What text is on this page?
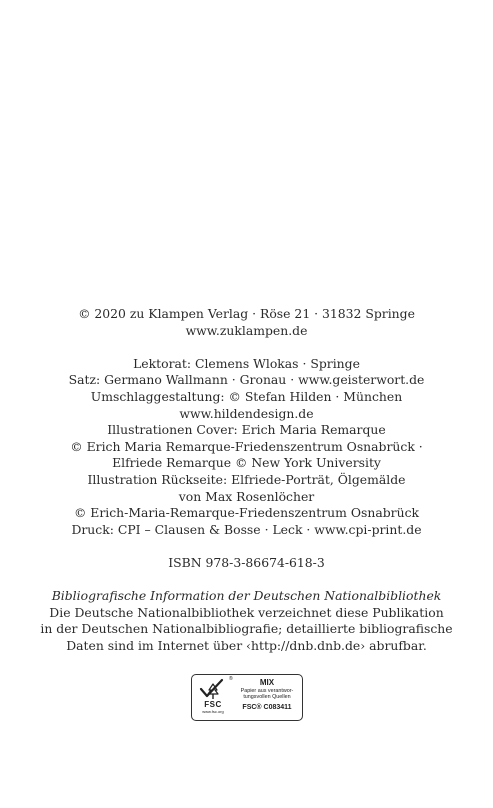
© 2020 zu Klampen Verlag · Röse 21 · 31832 Springe
www.zuklampen.de
Lektorat: Clemens Wlokas · Springe
Satz: Germano Wallmann · Gronau · www.geisterwort.de
Umschlaggestaltung: © Stefan Hilden · München
www.hildendesign.de
Illustrationen Cover: Erich Maria Remarque
© Erich Maria Remarque-Friedenszentrum Osnabrück ·
Elfriede Remarque © New York University
Illustration Rückseite: Elfriede-Porträt, Ölgemälde
von Max Rosenlöcher
© Erich-Maria-Remarque-Friedenszentrum Osnabrück
Druck: CPI – Clausen & Bosse · Leck · www.cpi-print.de
ISBN 978-3-86674-618-3
Bibliografische Information der Deutschen Nationalbibliothek
Die Deutsche Nationalbibliothek verzeichnet diese Publikation
in der Deutschen Nationalbibliografie; detaillierte bibliografische
Daten sind im Internet über ‹http://dnb.dnb.de› abrufbar.
FSC
www.fsc.org
®	MIX
Papier aus verantwor-
tungsvollen Quellen
FSC® C083411
